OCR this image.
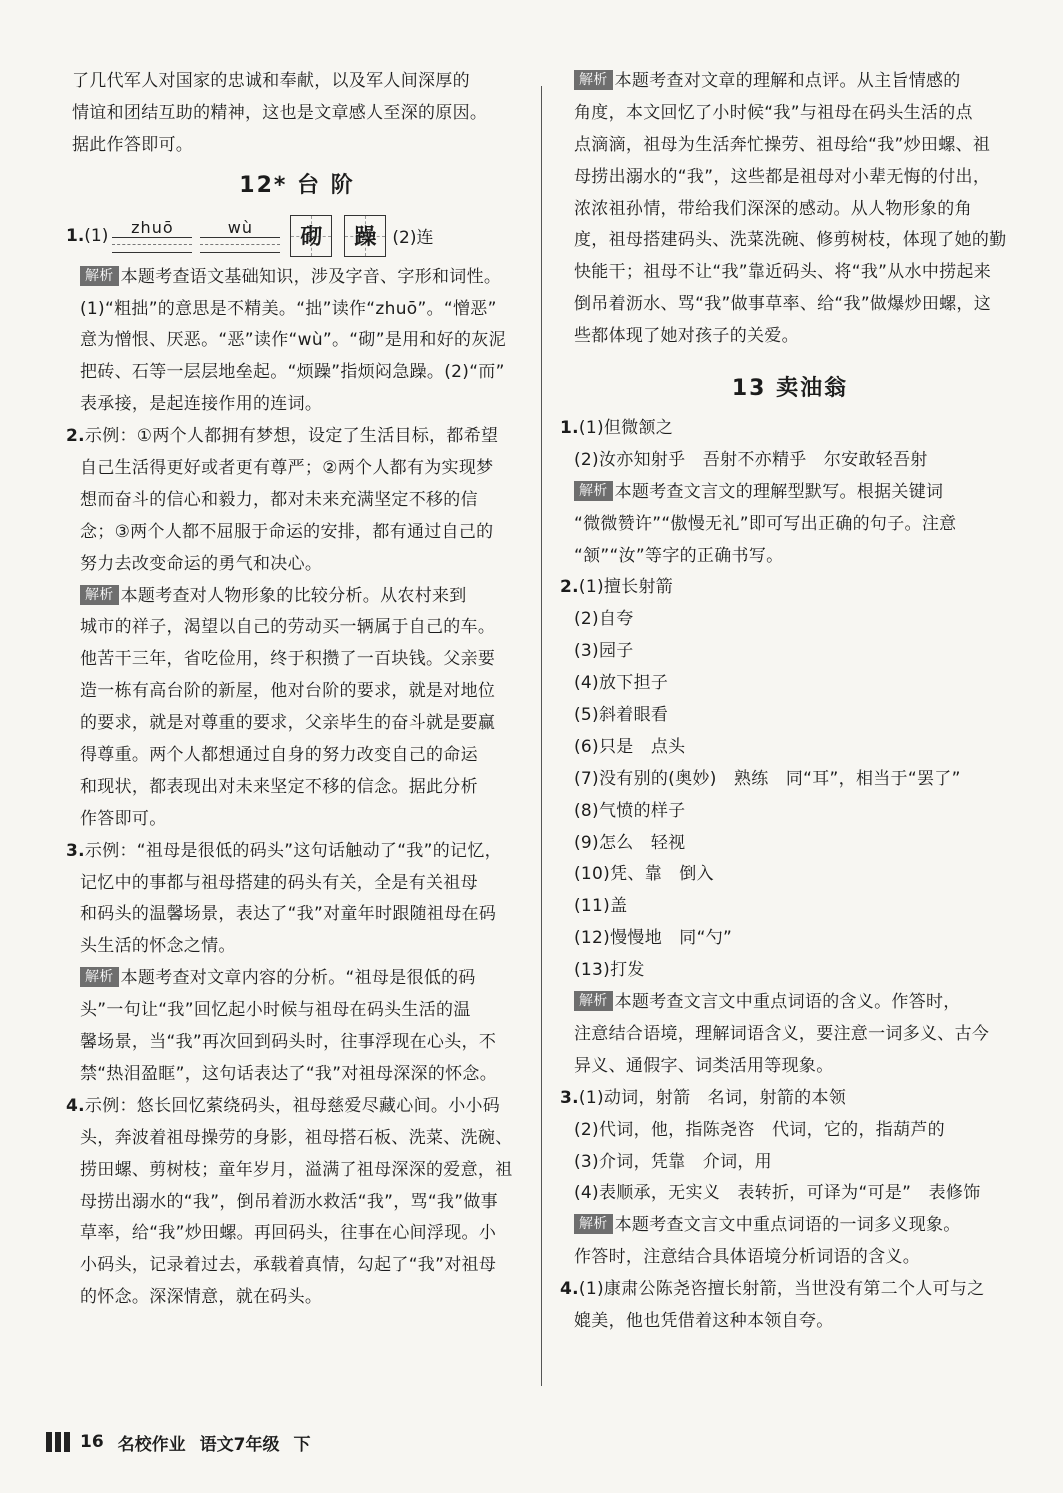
了几代军人对国家的忠诚和奉献，以及军人间深厚的
情谊和团结互助的精神，这也是文章感人至深的原因。
据此作答即可。
12* 台 阶
1. (1) zhuō	wù 砌 躁 (2)连
解析 本题考查语文基础知识，涉及字音、字形和词性。
(1)“粗拙”的意思是不精美。“拙”读作“zhuō”。“憎恶”
意为憎恨、厌恶。“恶”读作“wù”。“砌”是用和好的灰泥
把砖、石等一层层地垒起。“烦躁”指烦闷急躁。(2)“而”
表承接，是起连接作用的连词。
2.示例：①两个人都拥有梦想，设定了生活目标，都希望
自己生活得更好或者更有尊严；②两个人都有为实现梦
想而奋斗的信心和毅力，都对未来充满坚定不移的信
念；③两个人都不屈服于命运的安排，都有通过自己的
努力去改变命运的勇气和决心。
解析 本题考查对人物形象的比较分析。从农村来到
城市的祥子，渴望以自己的劳动买一辆属于自己的车。
他苦干三年，省吃俭用，终于积攒了一百块钱。父亲要
造一栋有高台阶的新屋，他对台阶的要求，就是对地位
的要求，就是对尊重的要求，父亲毕生的奋斗就是要赢
得尊重。两个人都想通过自身的努力改变自己的命运
和现状，都表现出对未来坚定不移的信念。据此分析
作答即可。
3.示例：“祖母是很低的码头”这句话触动了“我”的记忆，
记忆中的事都与祖母搭建的码头有关，全是有关祖母
和码头的温馨场景，表达了“我”对童年时跟随祖母在码
头生活的怀念之情。
解析 本题考查对文章内容的分析。“祖母是很低的码
头”一句让“我”回忆起小时候与祖母在码头生活的温
馨场景，当“我”再次回到码头时，往事浮现在心头，不
禁“热泪盈眶”，这句话表达了“我”对祖母深深的怀念。
4.示例：悠长回忆萦绕码头，祖母慈爱尽藏心间。小小码
头，奔波着祖母操劳的身影，祖母搭石板、洗菜、洗碗、
捞田螺、剪树枝；童年岁月，溢满了祖母深深的爱意，祖
母捞出溺水的“我”，倒吊着沥水救活“我”，骂“我”做事
草率，给“我”炒田螺。再回码头，往事在心间浮现。小
小码头，记录着过去，承载着真情，勾起了“我”对祖母
的怀念。深深情意，就在码头。
解析 本题考查对文章的理解和点评。从主旨情感的
角度，本文回忆了小时候“我”与祖母在码头生活的点
点滴滴，祖母为生活奔忙操劳、祖母给“我”炒田螺、祖
母捞出溺水的“我”，这些都是祖母对小辈无悔的付出，
浓浓祖孙情，带给我们深深的感动。从人物形象的角
度，祖母搭建码头、洗菜洗碗、修剪树枝，体现了她的勤
快能干；祖母不让“我”靠近码头、将“我”从水中捞起来
倒吊着沥水、骂“我”做事草率、给“我”做爆炒田螺，这
些都体现了她对孩子的关爱。
13 卖油翁
1.(1)但微颔之
(2)汝亦知射乎　吾射不亦精乎　尔安敢轻吾射
解析 本题考查文言文的理解型默写。根据关键词
“微微赞许”“傲慢无礼”即可写出正确的句子。注意
“颔”“汝”等字的正确书写。
2.(1)擅长射箭
(2)自夸
(3)园子
(4)放下担子
(5)斜着眼看
(6)只是　点头
(7)没有别的(奥妙)　熟练　同“耳”，相当于“罢了”
(8)气愤的样子
(9)怎么　轻视
(10)凭、靠　倒入
(11)盖
(12)慢慢地　同“勺”
(13)打发
解析 本题考查文言文中重点词语的含义。作答时，
注意结合语境，理解词语含义，要注意一词多义、古今
异义、通假字、词类活用等现象。
3.(1)动词，射箭　名词，射箭的本领
(2)代词，他，指陈尧咨　代词，它的，指葫芦的
(3)介词，凭靠　介词，用
(4)表顺承，无实义　表转折，可译为“可是”　表修饰
解析 本题考查文言文中重点词语的一词多义现象。
作答时，注意结合具体语境分析词语的含义。
4.(1)康肃公陈尧咨擅长射箭，当世没有第二个人可与之
媲美，他也凭借着这种本领自夸。
16 名校作业 语文7年级 下
